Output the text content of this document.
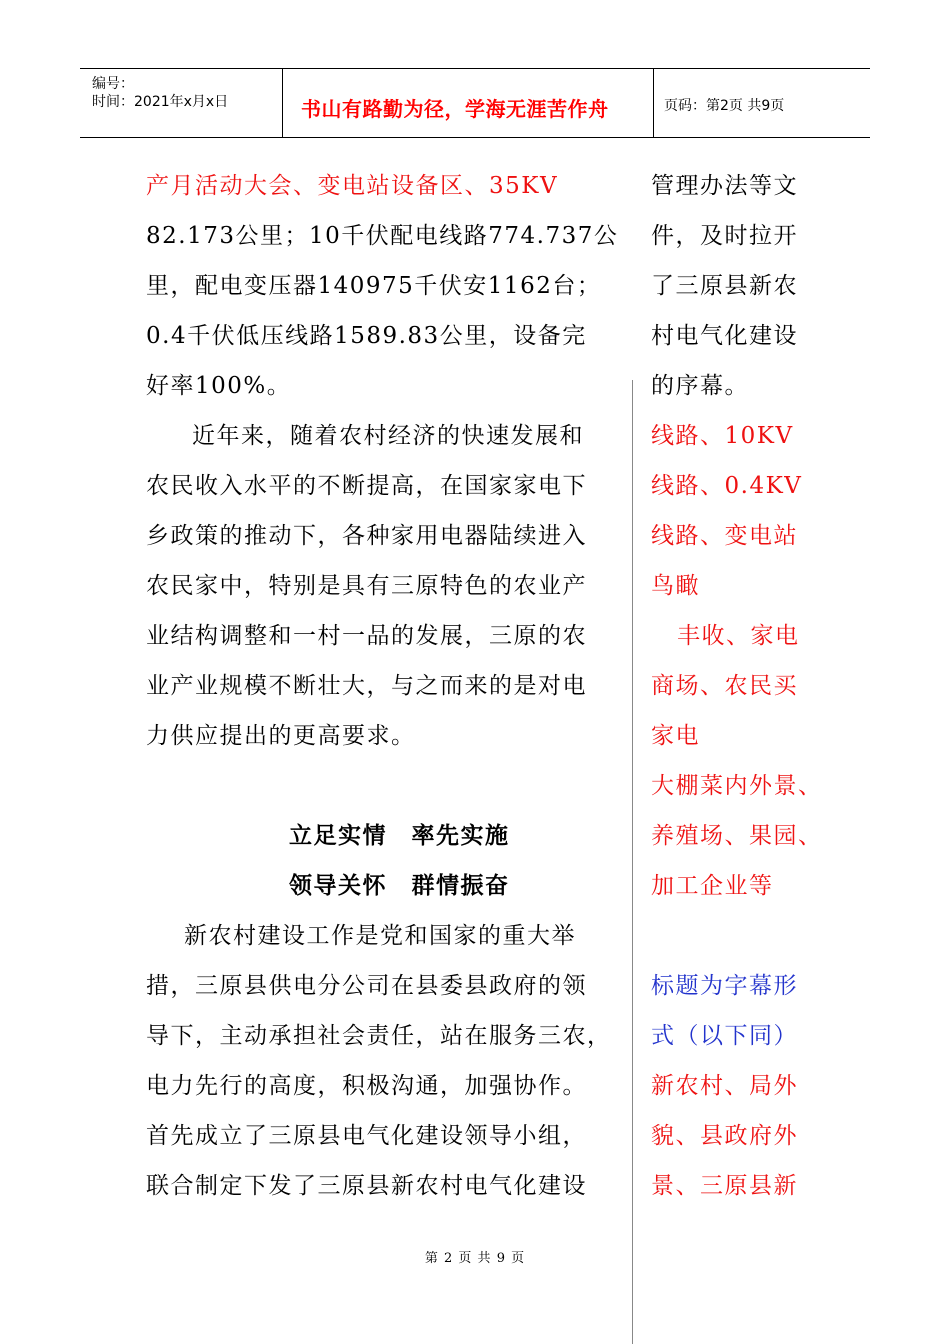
编号：
时间：2021年x月x日	书山有路勤为径，学海无涯苦作舟	页码：第2页 共9页

产月活动大会、变电站设备区、35KV

82.173公里；10千伏配电线路774.737公

里，配电变压器140975千伏安1162台；

0.4千伏低压线路1589.83公里，设备完

好率100%。

近年来，随着农村经济的快速发展和

农民收入水平的不断提高，在国家家电下

乡政策的推动下，各种家用电器陆续进入

农民家中，特别是具有三原特色的农业产

业结构调整和一村一品的发展，三原的农

业产业规模不断壮大，与之而来的是对电

力供应提出的更高要求。

立足实情　率先实施

领导关怀　群情振奋

新农村建设工作是党和国家的重大举

措，三原县供电分公司在县委县政府的领

导下，主动承担社会责任，站在服务三农，

电力先行的高度，积极沟通，加强协作。

首先成立了三原县电气化建设领导小组，

联合制定下发了三原县新农村电气化建设

管理办法等文

件，及时拉开

了三原县新农

村电气化建设

的序幕。

线路、10KV

线路、0.4KV

线路、变电站

鸟瞰

丰收、家电

商场、农民买

家电

大棚菜内外景、

养殖场、果园、

加工企业等

标题为字幕形

式（以下同）

新农村、局外

貌、县政府外

景、三原县新

第 2 页 共 9 页
